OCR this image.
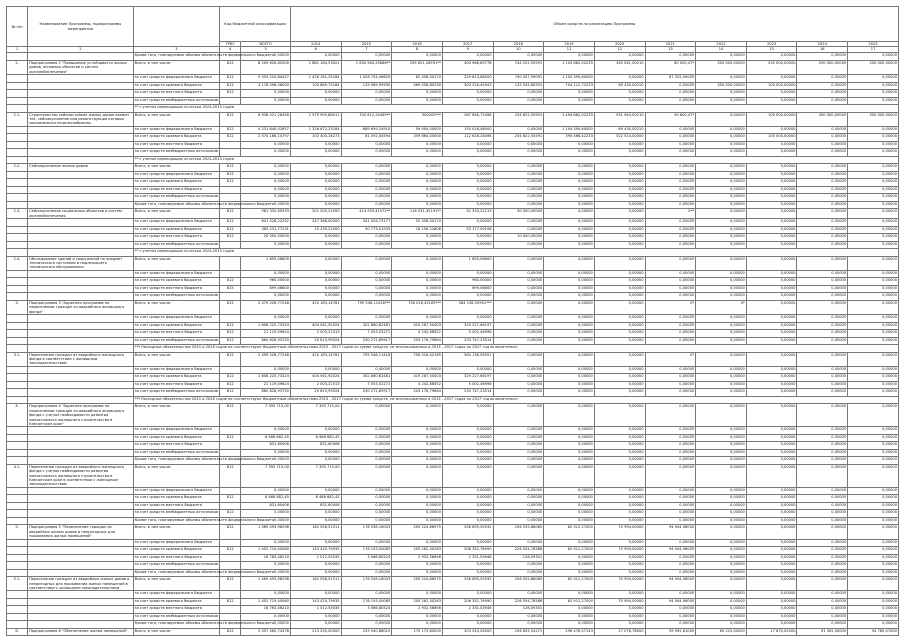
№ п/п	Наименование Программы, подпрограммы мероприятия		Код бюджетной классификации		Объем средств на реализацию Программы											
			ГРБС	ВСЕГО	2014	2015	2016	2017	2018	2019	2020	2021	2022	2023	2024	2025
1	2	3	4	5	6	7	8	9	10	11	12	13	14	15	16	17
		Кроме того, планируемые объемы обязательств федерального бюджета		0,00000	0,00000	0,00000	0,00000	0,00000	0,00000	0,00000	0,00000	0,00000	0,00000	0,00000	0,00000	0,00000
2.	Подпрограмма 2 "Повышение устойчивости жилых домов, основных объектов и систем жизнеобеспечения"	Всего, в том числе:	812	8 209 626,82000	1 881 184,53021	1 634 964,25666**	255 621,26591**	400 968,69778	744 522,55591	1 104 862,02233	345 041,00210	60 000,47*	350 000,00000	250 000,00000	250 000,00000	250 000,00000
		за счет средств федерального бюджета	812	5 053 220,84427	1 426 161,25184	1 026 754,46629	62 456,00170	229 813,68000	740 507,59091	1 104 395,60000	0,00000	87 325,00000	0,00000	0,00000	0,00000	0,00000
		за счет средств краевого бюджета	812	3 178 598,06000	100 889,75184	129 089,99590	469 058,80230	303 226,45943	132 334,60591	704 112,72233	69 430,00210	0,00000	350 000,00000	100 000,00000	0,00000	0,00000
		за счет средств местного бюджета	812	0,00000	0,00000	0,00000	0,00000	0,00000	0,00000	0,00000	0,00000	0,00000	0,00000	0,00000	0,00000	0,00000
		за счет средств внебюджетных источников		0,00000	0,00000	0,00000	0,00000	0,00000	0,00000	0,00000	0,00000	0,00000	0,00000	0,00000	0,00000	0,00000
		** с учетом переходящих остатков 2014-2015 годов														
2.1.	Строительство сейсмостойких жилых домов взамен тех, сейсмоусиление или реконструкция которых экономически нецелесообразны	Всего, в том числе:	812	6 938 421,26448	1 579 995,86011	700 612,24469**	500000***	267 646,72498	234 622,55591	1 494 862,02233	591 944,00210	49 600,47*	0,00000	100 000,00000	450 000,00000	500 000,00000
		за счет средств федерального бюджета	812	4 231 840,02657	1 326 672,25184	689 699,24910	59 000,00000	155 018,46000	0,00000	1 104 395,60000	69 430,00210	0,00000	0,00000	0,00000	0,00000	0,00000
		за счет средств краевого бюджета	812	2 574 166,14797	102 400,16273	61 592,00594	359 864,00000	112 628,26498	234 622,55591	390 466,42233	522 514,00000	0,00000	0,00000	100 000,00000	0,00000	0,00000
		за счет средств местного бюджета		0,00000	0,00000	0,00000	0,00000	0,00000	0,00000	0,00000	0,00000	0,00000	0,00000	0,00000	0,00000	0,00000
		за счет средств внебюджетных источников		0,00000	0,00000	0,00000	0,00000	0,00000	0,00000	0,00000	0,00000	0,00000	0,00000	0,00000	0,00000	0,00000
		** с учетом переходящих остатков 2014-2015 годов														
2.2.	Сейсмоусиление жилых домов	Всего, в том числе:	812	0,00000	0,00000	0,00000	0,00000	0,00000	0,00000	0,00000	0,00000	0,00000	0,00000	0,00000	0,00000	0,00000
		за счет средств федерального бюджета	812	0,00000	0,00000	0,00000	0,00000	0,00000	0,00000	0,00000	0,00000	0,00000	0,00000	0,00000	0,00000	0,00000
		за счет средств краевого бюджета	812	0,00000	0,00000	0,00000	0,00000	0,00000	0,00000	0,00000	0,00000	0,00000	0,00000	0,00000	0,00000	0,00000
		за счет средств местного бюджета		0,00000	0,00000	0,00000	0,00000	0,00000	0,00000	0,00000	0,00000	0,00000	0,00000	0,00000	0,00000	0,00000
		за счет средств внебюджетных источников		0,00000	0,00000	0,00000	0,00000	0,00000	0,00000	0,00000	0,00000	0,00000	0,00000	0,00000	0,00000	0,00000
		Кроме того, планируемые объемы обязательств федерального бюджета		0,00000	0,00000	0,00000	0,00000	0,00000	0,00000	0,00000	0,00000	0,00000	0,00000	0,00000	0,00000	0,00000
2.3.	Сейсмоусиление социальных объектов и систем жизнеобеспечения	Всего, в том числе:	812	961 332,65933	201 200,22000	414 933,41072**	116 531,35191**	52 333,21213	30 000,00000	0,00000	0,00000	0**	0,00000	0,00000	0,00000	0,00000
		за счет средств федерального бюджета	812	641 528,22252	247 366,00000	341 054,73177	52 456,00170	0,00000	0,00000	0,00000	0,00000	0,00000	0,00000	0,00000	0,00000	0,00000
		за счет средств краевого бюджета	812	383 231,77231	15 239,22000	50 773,01935	16 156,22806	53 177,09108	0,00000	0,00000	0,00000	0,00000	0,00000	0,00000	0,00000	0,00000
		за счет средств местного бюджета	812	20 000,00000	0,00000	0,00000	0,00000	0,00000	10 000,00000	0,00000	0,00000	0,00000	0,00000	0,00000	0,00000	0,00000
		за счет средств внебюджетных источников		0,00000	0,00000	0,00000	0,00000	0,00000	0,00000	0,00000	0,00000	0,00000	0,00000	0,00000	0,00000	0,00000
		** с учетом переходящих остатков 2014-2015 годов														
2.4.	Обследование зданий и сооружений на предмет технического состояния и надлежащего технического обслуживания	Всего, в том числе:		1 659,06600	0,00000	0,00000	0,00000	1 659,06600	0,00000	0,00000	0,00000	0,00000	0,00000	0,00000	0,00000	0,00000
		за счет средств федерального бюджета		0,00000	0,00000	0,00000	0,00000	0,00000	0,00000	0,00000	0,00000	0,00000	0,00000	0,00000	0,00000	0,00000
		за счет средств краевого бюджета	812	960,00000	0,00000	0,00000	0,00000	960,00000	0,00000	0,00000	0,00000	0,00000	0,00000	0,00000	0,00000	0,00000
		за счет средств местного бюджета	815	699,06600	0,00000	0,00000	0,00000	699,06600	0,00000	0,00000	0,00000	0,00000	0,00000	0,00000	0,00000	0,00000
		за счет средств внебюджетных источников		0,00000	0,00000	0,00000	0,00000	0,00000	0,00000	0,00000	0,00000	0,00000	0,00000	0,00000	0,00000	0,00000
3.	Подпрограмма 3 "Адресная программа по переселению граждан из аварийного жилищного фонда"	Всего, в том числе:	812	2 479 228,77248	420 183,14781	795 546,11418***	756 016,42165***	564 136,55951***	0,00000	0,00000	0,00000	0*	0*	0,00000	0,00000	0,00000
		за счет средств федерального бюджета		0,00000	0,00000	0,00000	0,00000	0,00000	0,00000	0,00000	0,00000	0,00000	0,00000	0,00000	0,00000	0,00000
		за счет средств краевого бюджета	812	1 608 220,73324	404 561,92024	302 860,62481	419 287,50403	329 227,66197	0,00000	0,00000	0,00000	0,00000	0,00000	0,00000	0,00000	0,00000
		за счет средств местного бюджета	812	21 119,09624	2 003,21013	7 053,52271	4 242,88552	5 002,46998	0,00000	0,00000	0,00000	0,00000	0,00000	0,00000	0,00000	0,00000
		за счет средств внебюджетных источников	812	860 828,93750	20 615,99524	250 272,89917	203 176,79864	233 747,23514	0,00000	0,00000	0,00000	0,00000	0,00000	0,00000	0,00000	0,00000
		*** Расходные обязательства 2015 и 2016 годов не соответствуют бюджетным обязательствам 2015 - 2017 годов по сумме средств, не использованных в 2015 - 2017 годах по 2017 год включительно														
3.1.	Переселение граждан из аварийного жилищного фонда в соответствии с жилищным законодательством	Всего, в том числе:	812	2 499 228,77248	420 183,14781	795 546,11418	756 016,42165	564 136,55951	0,00000	0,00000	0,00000	0*	0,00000	0,00000	0,00000	0,00000
		за счет средств федерального бюджета		0,00000	0,00000	0,00000	0,00000	0,00000	0,00000	0,00000	0,00000	0,00000	0,00000	0,00000	0,00000	0,00000
		за счет средств краевого бюджета	812	1 608 220,73324	404 561,92024	302 860,62481	419 287,50403	329 227,66197	0,00000	0,00000	0,00000	0,00000	0,00000	0,00000	0,00000	0,00000
		за счет средств местного бюджета	812	21 119,09624	2 003,21013	7 053,52271	4 242,88552	5 002,46998	0,00000	0,00000	0,00000	0,00000	0,00000	0,00000	0,00000	0,00000
		за счет средств внебюджетных источников	812	860 828,93750	20 615,99524	250 272,89917	203 176,79864	233 747,23514	0,00000	0,00000	0,00000	0,00000	0,00000	0,00000	0,00000	0,00000
		*** Расходные обязательства 2015 и 2016 годов не соответствуют бюджетным обязательствам 2015 - 2017 годов по сумме средств, не использованных в 2015 - 2017 годах по 2017 год включительно														
4.	Подпрограмма 4 "Адресная программа по переселению граждан из аварийного жилищного фонда с учетом необходимости развития малоэтажного жилищного строительства в Камчатском крае"	Всего, в том числе:	812	7 395 715,00	7 395 715,00	0,00000	0,00000	0,00000	0,00000	0,00000	0,00000	0,00000	0,00000	0,00000	0,00000	0,00000
		за счет средств федерального бюджета		0,00000	0,00000	0,00000	0,00000	0,00000	0,00000	0,00000	0,00000	0,00000	0,00000	0,00000	0,00000	0,00000
		за счет средств краевого бюджета	812	6 466 682,45	6 466 682,45	0,00000	0,00000	0,00000	0,00000	0,00000	0,00000	0,00000	0,00000	0,00000	0,00000	0,00000
		за счет средств местного бюджета		831,60406	831,60406	0,00000	0,00000	0,00000	0,00000	0,00000	0,00000	0,00000	0,00000	0,00000	0,00000	0,00000
		за счет средств внебюджетных источников		0,00000	0,00000	0,00000	0,00000	0,00000	0,00000	0,00000	0,00000	0,00000	0,00000	0,00000	0,00000	0,00000
		Кроме того, планируемые объемы обязательств федерального бюджета		0,00000	0,00000	0,00000	0,00000	0,00000	0,00000	0,00000	0,00000	0,00000	0,00000	0,00000	0,00000	0,00000
4.1.	Переселение граждан из аварийного жилищного фонда с учетом необходимости развития малоэтажного жилищного строительства в Камчатском крае в соответствии с жилищным законодательством	Всего, в том числе:	812	7 395 715,00	7 395 715,00	0,00000	0,00000	0,00000	0,00000	0,00000	0,00000	0,00000	0,00000	0,00000	0,00000	0,00000
		за счет средств федерального бюджета		0,00000	0,00000	0,00000	0,00000	0,00000	0,00000	0,00000	0,00000	0,00000	0,00000	0,00000	0,00000	0,00000
		за счет средств краевого бюджета	812	6 466 682,45	6 466 682,45	0,00000	0,00000	0,00000	0,00000	0,00000	0,00000	0,00000	0,00000	0,00000	0,00000	0,00000
		за счет средств местного бюджета		831,60406	831,60406	0,00000	0,00000	0,00000	0,00000	0,00000	0,00000	0,00000	0,00000	0,00000	0,00000	0,00000
		за счет средств внебюджетных источников	812	0,00000	0,00000	0,00000	0,00000	0,00000	0,00000	0,00000	0,00000	0,00000	0,00000	0,00000	0,00000	0,00000
		Кроме того, планируемые объемы обязательств федерального бюджета		0,00000	0,00000	0,00000	0,00000	0,00000	0,00000	0,00000	0,00000	0,00000	0,00000	0,00000	0,00000	0,00000
5.	Подпрограмма 5 "Переселение граждан из аварийных жилых домов и непригодных для проживания жилых помещений"	Всего, в том числе:	812	1 469 493,96298	162 058,51511	176 558,16003	209 224,86975	256 695,55932	256 555,86065	62 912,27000	70 994,00000	94 944,98000	0,00000	0,00000	0,00000	0,00000
		за счет средств федерального бюджета		0,00000	0,00000	0,00000	0,00000	0,00000	0,00000	0,00000	0,00000	0,00000	0,00000	0,00000	0,00000	0,00000
		за счет средств краевого бюджета	812	1 452 719,40060	143 420,79935	176 193,00085	205 262,30263	206 352,76990	226 554,78586	62 912,27000	70 994,00000	94 944,98000	0,00000	0,00000	0,00000	0,00000
		за счет средств местного бюджета		16 763,46210	1 012,55035	3 566,80524	2 932,56698	2 331,03946	126,09301	0,00000	0,00000	0,00000	0,00000	0,00000	0,00000	0,00000
		за счет средств внебюджетных источников		0,00000	0,00000	0,00000	0,00000	0,00000	0,00000	0,00000	0,00000	0,00000	0,00000	0,00000	0,00000	0,00000
		Кроме того, планируемые объемы обязательств федерального бюджета		0,00000	0,00000	0,00000	0,00000	0,00000	0,00000	0,00000	0,00000	0,00000	0,00000	0,00000	0,00000	0,00000
5.1.	Переселение граждан из аварийных жилых домов и непригодных для проживания жилых помещений в соответствии с жилищным законодательством	Всего, в том числе:	812	1 469 493,96298	162 058,51511	176 558,16003	209 224,86975	256 695,55932	256 555,86065	62 912,27000	70 994,00000	94 944,98000	0,00000	0,00000	0,00000	0,00000
		за счет средств федерального бюджета		0,00000	0,00000	0,00000	0,00000	0,00000	0,00000	0,00000	0,00000	0,00000	0,00000	0,00000	0,00000	0,00000
		за счет средств краевого бюджета	812	1 452 719,40060	143 420,79935	176 193,00085	205 262,30263	206 352,76990	226 554,78586	62 912,27000	70 994,00000	94 944,98000	0,00000	0,00000	0,00000	0,00000
		за счет средств местного бюджета		16 763,46210	1 012,55035	3 566,80524	2 932,56698	2 331,03946	126,09301	0,00000	0,00000	0,00000	0,00000	0,00000	0,00000	0,00000
		за счет средств внебюджетных источников		0,00000	0,00000	0,00000	0,00000	0,00000	0,00000	0,00000	0,00000	0,00000	0,00000	0,00000	0,00000	0,00000
		Кроме того, планируемые объемы обязательств федерального бюджета		0,00000	0,00000	0,00000	0,00000	0,00000	0,00000	0,00000	0,00000	0,00000	0,00000	0,00000	0,00000	0,00000
6.	Подпрограмма 6 "Обеспечение жилых помещений"	Всего, в том числе:	812	2 057 460,74378	213 250,00000	229 040,88010	179 173,60000	203 543,54000	256 855,54271	296 476,57143	27 078,78000	59 992,61000	69 225,00000	17 670,02000	91 305,00000	94 789,07000
